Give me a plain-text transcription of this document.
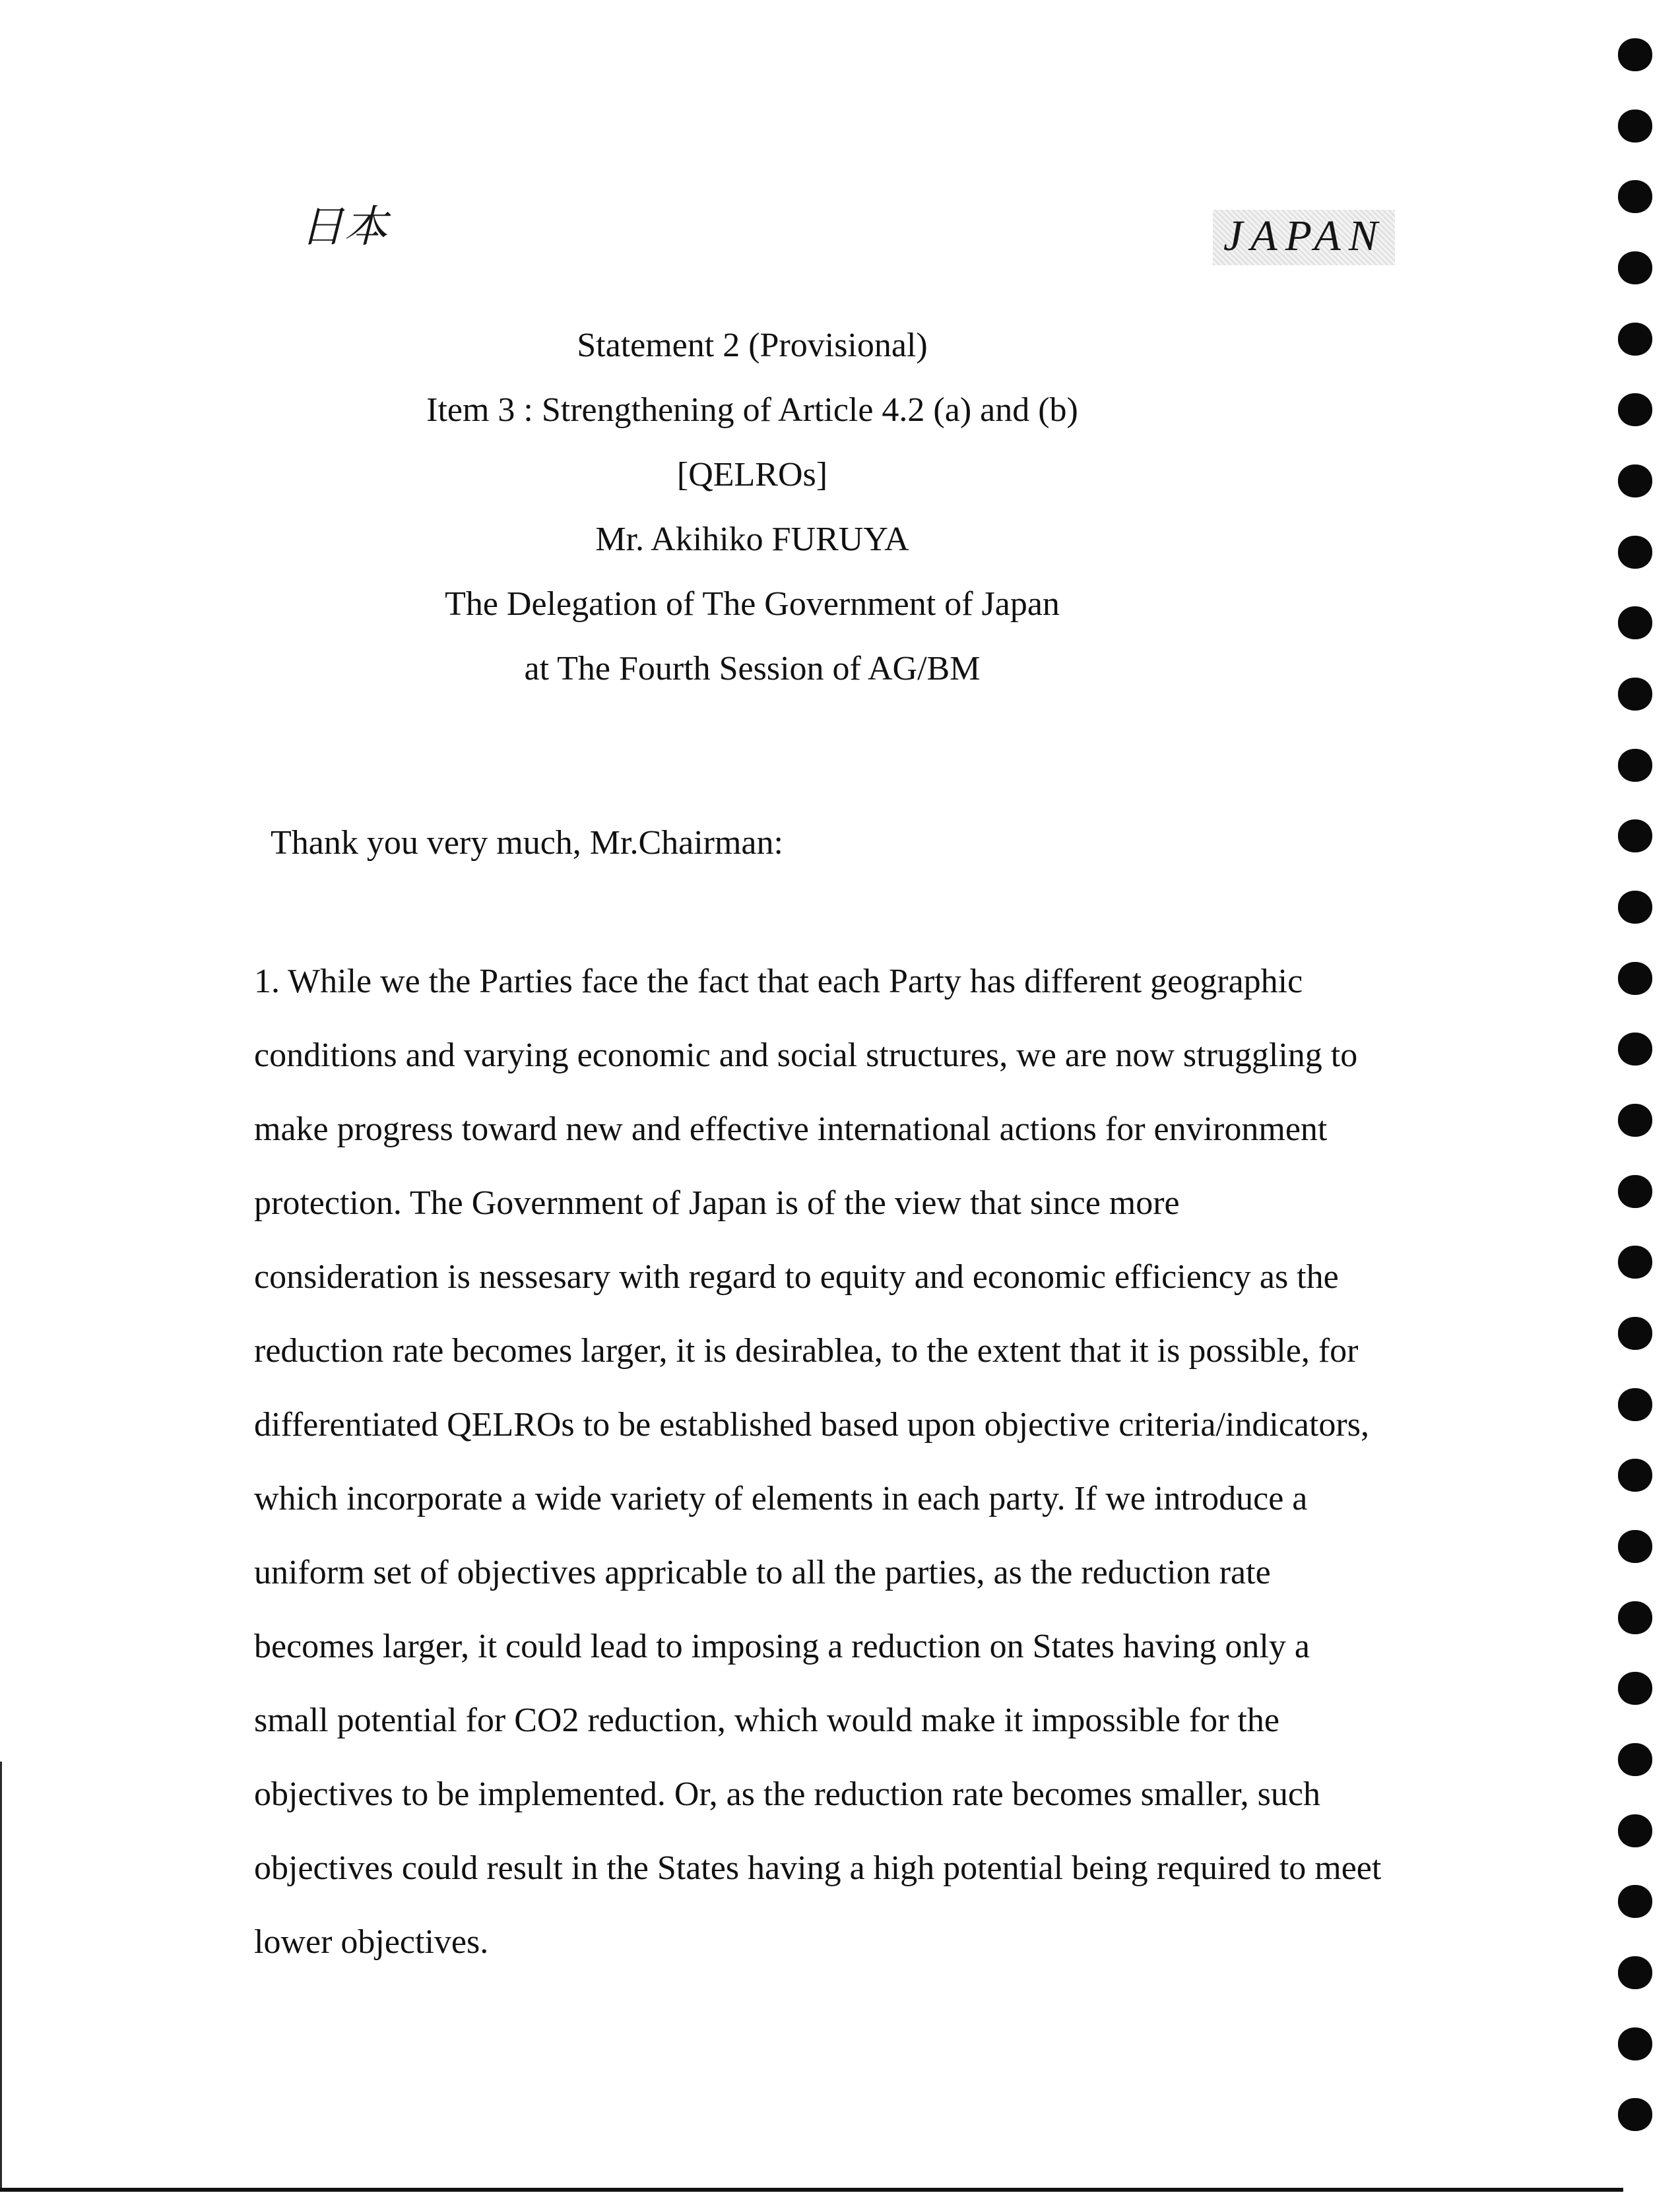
日本	JAPAN
Statement 2 (Provisional)
Item 3 : Strengthening of Article 4.2 (a) and (b)
[QELROs]
Mr. Akihiko FURUYA
The Delegation of The Government of Japan
at The Fourth Session of AG/BM
Thank you very much, Mr.Chairman:
1. While we the Parties face the fact that each Party has different geographic
conditions and varying economic and social structures, we are now struggling to
make progress toward new and effective international actions for environment
protection. The Government of Japan is of the view that since more
consideration is nessesary with regard to equity and economic efficiency as the
reduction rate becomes larger, it is desirablea, to the extent that it is possible, for
differentiated QELROs to be established based upon objective criteria/indicators,
which incorporate a wide variety of elements in each party. If we introduce a
uniform set of objectives appricable to all the parties, as the reduction rate
becomes larger, it could lead to imposing a reduction on States having only a
small potential for CO2 reduction, which would make it impossible for the
objectives to be implemented. Or, as the reduction rate becomes smaller, such
objectives could result in the States having a high potential being required to meet
lower objectives.
